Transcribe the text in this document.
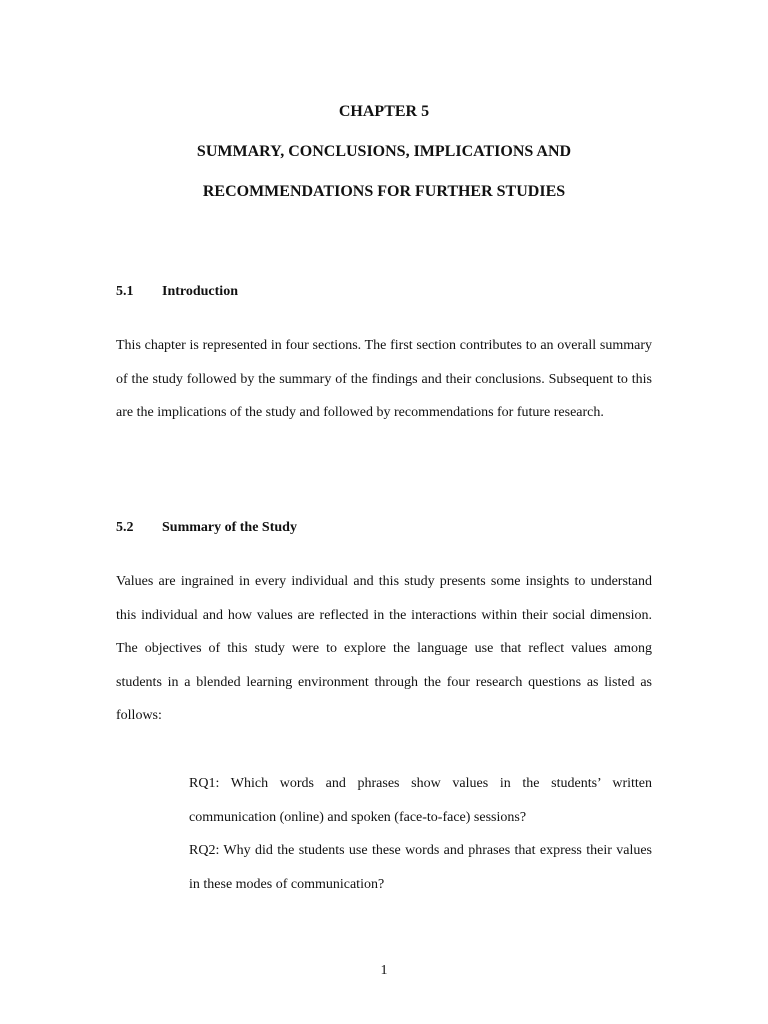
CHAPTER 5
SUMMARY, CONCLUSIONS, IMPLICATIONS AND
RECOMMENDATIONS FOR FURTHER STUDIES
5.1 Introduction

This chapter is represented in four sections. The first section contributes to an overall summary of the study followed by the summary of the findings and their conclusions. Subsequent to this are the implications of the study and followed by recommendations for future research.

5.2 Summary of the Study

Values are ingrained in every individual and this study presents some insights to understand this individual and how values are reflected in the interactions within their social dimension. The objectives of this study were to explore the language use that reflect values among students in a blended learning environment through the four research questions as listed as follows:

RQ1: Which words and phrases show values in the students’ written communication (online) and spoken (face-to-face) sessions?

RQ2: Why did the students use these words and phrases that express their values in these modes of communication?

1
